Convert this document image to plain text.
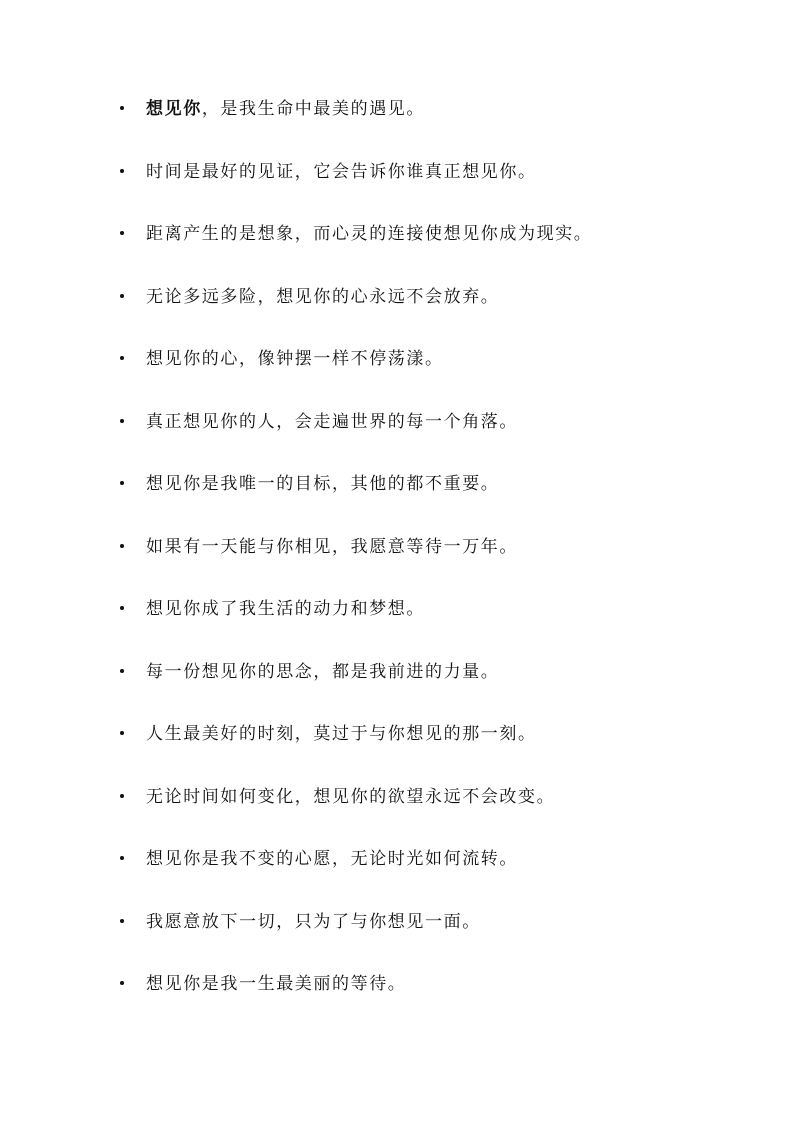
想见你，是我生命中最美的遇见。
时间是最好的见证，它会告诉你谁真正想见你。
距离产生的是想象，而心灵的连接使想见你成为现实。
无论多远多险，想见你的心永远不会放弃。
想见你的心，像钟摆一样不停荡漾。
真正想见你的人，会走遍世界的每一个角落。
想见你是我唯一的目标，其他的都不重要。
如果有一天能与你相见，我愿意等待一万年。
想见你成了我生活的动力和梦想。
每一份想见你的思念，都是我前进的力量。
人生最美好的时刻，莫过于与你想见的那一刻。
无论时间如何变化，想见你的欲望永远不会改变。
想见你是我不变的心愿，无论时光如何流转。
我愿意放下一切，只为了与你想见一面。
想见你是我一生最美丽的等待。
